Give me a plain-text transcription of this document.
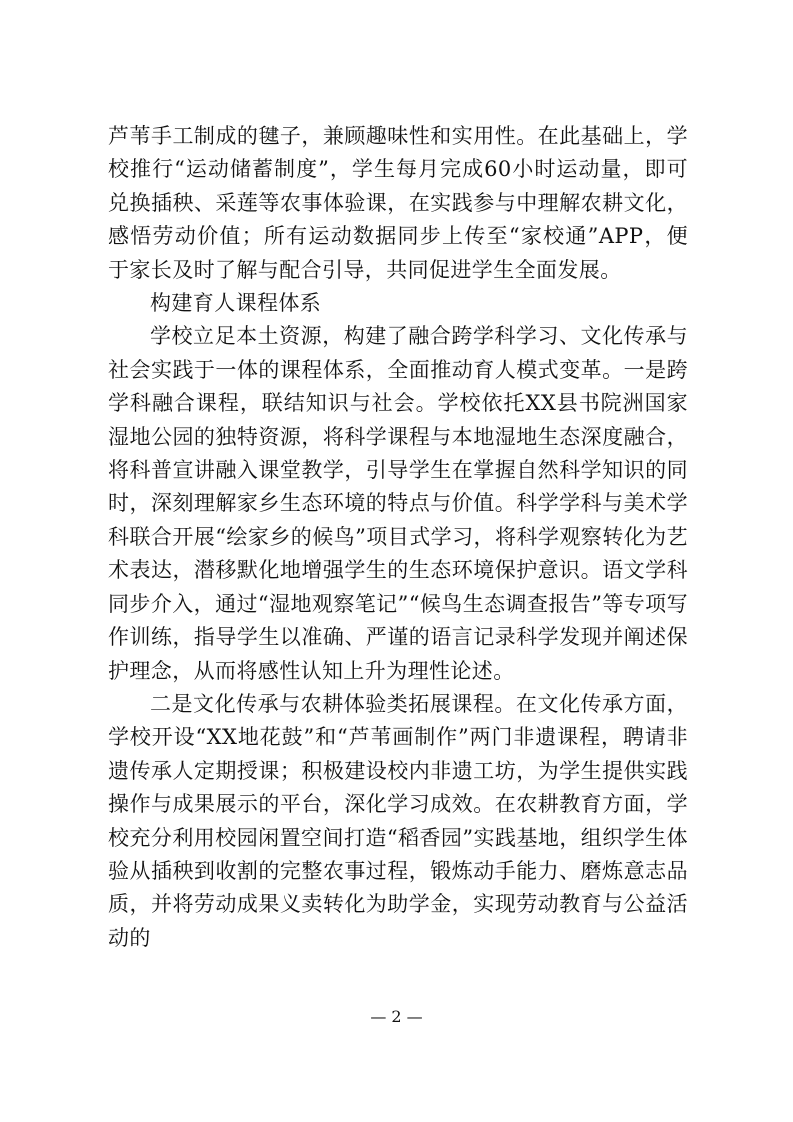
芦苇手工制成的毽子，兼顾趣味性和实用性。在此基础上，学校推行“运动储蓄制度”，学生每月完成60小时运动量，即可兑换插秧、采莲等农事体验课，在实践参与中理解农耕文化，感悟劳动价值；所有运动数据同步上传至“家校通”APP，便于家长及时了解与配合引导，共同促进学生全面发展。

构建育人课程体系

学校立足本土资源，构建了融合跨学科学习、文化传承与社会实践于一体的课程体系，全面推动育人模式变革。一是跨学科融合课程，联结知识与社会。学校依托XX县书院洲国家湿地公园的独特资源，将科学课程与本地湿地生态深度融合，将科普宣讲融入课堂教学，引导学生在掌握自然科学知识的同时，深刻理解家乡生态环境的特点与价值。科学学科与美术学科联合开展“绘家乡的候鸟”项目式学习，将科学观察转化为艺术表达，潜移默化地增强学生的生态环境保护意识。语文学科同步介入，通过“湿地观察笔记”“候鸟生态调查报告”等专项写作训练，指导学生以准确、严谨的语言记录科学发现并阐述保护理念，从而将感性认知上升为理性论述。

二是文化传承与农耕体验类拓展课程。在文化传承方面，学校开设“XX地花鼓”和“芦苇画制作”两门非遗课程，聘请非遗传承人定期授课；积极建设校内非遗工坊，为学生提供实践操作与成果展示的平台，深化学习成效。在农耕教育方面，学校充分利用校园闲置空间打造“稻香园”实践基地，组织学生体验从插秧到收割的完整农事过程，锻炼动手能力、磨炼意志品质，并将劳动成果义卖转化为助学金，实现劳动教育与公益活动的

— 2 —
